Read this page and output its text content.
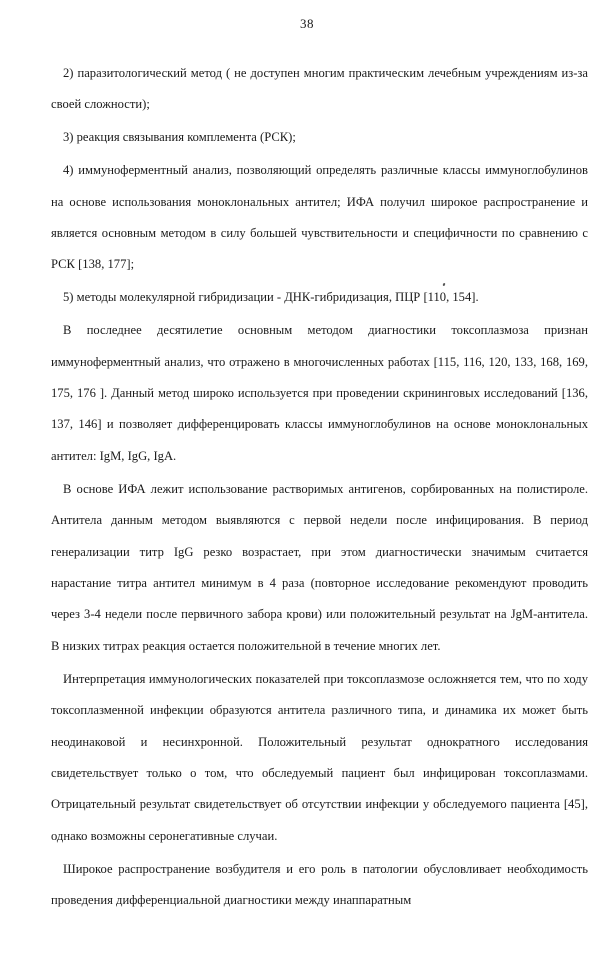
38

2) паразитологический метод ( не доступен многим практическим лечебным учреждениям из-за своей сложности);

3) реакция связывания комплемента (РСК);

4) иммуноферментный анализ, позволяющий определять различные классы иммуноглобулинов на основе использования моноклональных антител; ИФА получил широкое распространение и является основным методом в силу большей чувствительности и специфичности по сравнению с РСК [138, 177];

5) методы молекулярной гибридизации - ДНК-гибридизация, ПЦР [110, 154].

В последнее десятилетие основным методом диагностики токсоплазмоза признан иммуноферментный анализ, что отражено в многочисленных работах [115, 116, 120, 133, 168, 169, 175, 176 ]. Данный метод широко используется при проведении скрининговых исследований [136, 137, 146] и позволяет дифференцировать классы иммуноглобулинов на основе моноклональных антител: IgM, IgG, IgA.

В основе ИФА лежит использование растворимых антигенов, сорбированных на полистироле. Антитела данным методом выявляются с первой недели после инфицирования. В период генерализации титр IgG резко возрастает, при этом диагностически значимым считается нарастание титра антител минимум в 4 раза (повторное исследование рекомендуют проводить через 3-4 недели после первичного забора крови) или положительный результат на JgM-антитела. В низких титрах реакция остается положительной в течение многих лет.

Интерпретация иммунологических показателей при токсоплазмозе осложняется тем, что по ходу токсоплазменной инфекции образуются антитела различного типа, и динамика их может быть неодинаковой и несинхронной. Положительный результат однократного исследования свидетельствует только о том, что обследуемый пациент был инфицирован токсоплазмами. Отрицательный результат свидетельствует об отсутствии инфекции у обследуемого пациента [45], однако возможны серонегативные случаи.

Широкое распространение возбудителя и его роль в патологии обусловливает необходимость проведения дифференциальной диагностики между инаппаратным
